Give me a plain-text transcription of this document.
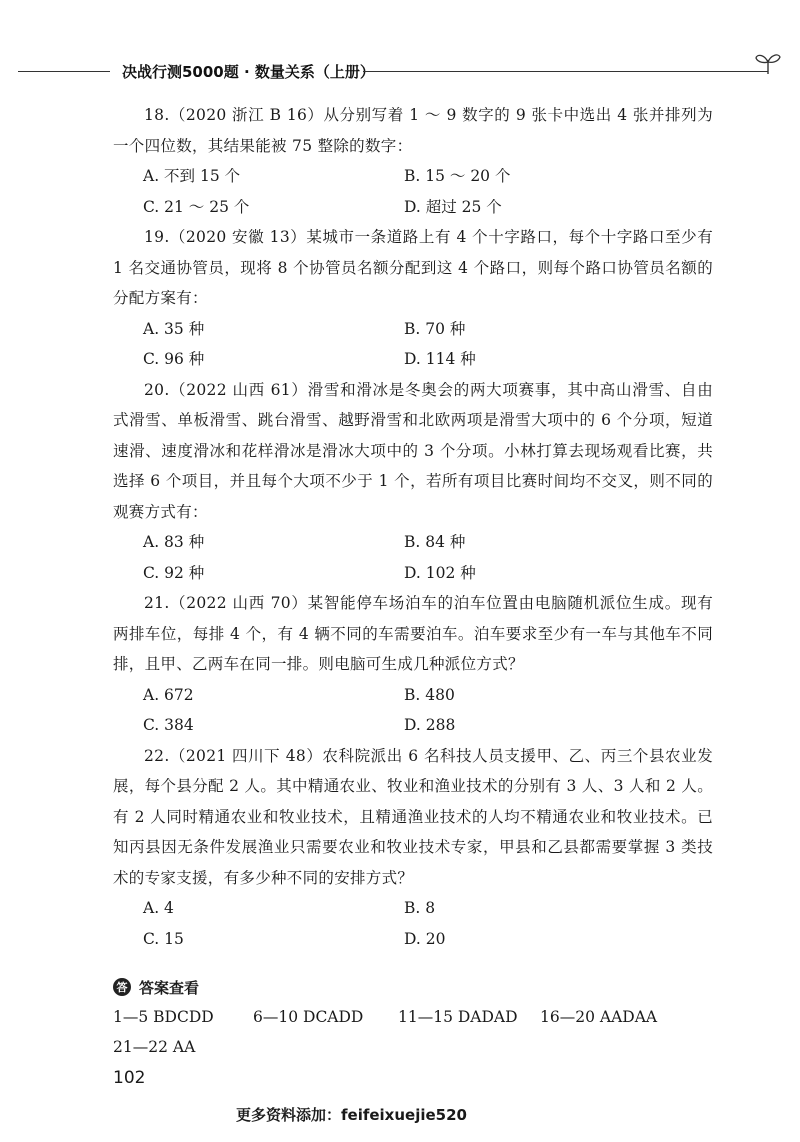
决战行测5000题 · 数量关系（上册）

18.（2020 浙江 B 16）从分别写着 1 ～ 9 数字的 9 张卡中选出 4 张并排列为一个四位数，其结果能被 75 整除的数字：

A. 不到 15 个	B. 15 ～ 20 个
C. 21 ～ 25 个	D. 超过 25 个

19.（2020 安徽 13）某城市一条道路上有 4 个十字路口，每个十字路口至少有 1 名交通协管员，现将 8 个协管员名额分配到这 4 个路口，则每个路口协管员名额的分配方案有：

A. 35 种	B. 70 种
C. 96 种	D. 114 种

20.（2022 山西 61）滑雪和滑冰是冬奥会的两大项赛事，其中高山滑雪、自由式滑雪、单板滑雪、跳台滑雪、越野滑雪和北欧两项是滑雪大项中的 6 个分项，短道速滑、速度滑冰和花样滑冰是滑冰大项中的 3 个分项。小林打算去现场观看比赛，共选择 6 个项目，并且每个大项不少于 1 个，若所有项目比赛时间均不交叉，则不同的观赛方式有：

A. 83 种	B. 84 种
C. 92 种	D. 102 种

21.（2022 山西 70）某智能停车场泊车的泊车位置由电脑随机派位生成。现有两排车位，每排 4 个，有 4 辆不同的车需要泊车。泊车要求至少有一车与其他车不同排，且甲、乙两车在同一排。则电脑可生成几种派位方式？

A. 672	B. 480
C. 384	D. 288

22.（2021 四川下 48）农科院派出 6 名科技人员支援甲、乙、丙三个县农业发展，每个县分配 2 人。其中精通农业、牧业和渔业技术的分别有 3 人、3 人和 2 人。有 2 人同时精通农业和牧业技术，且精通渔业技术的人均不精通农业和牧业技术。已知丙县因无条件发展渔业只需要农业和牧业技术专家，甲县和乙县都需要掌握 3 类技术的专家支援，有多少种不同的安排方式？

A. 4	B. 8
C. 15	D. 20
答 答案查看
1—5 BDCDD	6—10 DCADD 11—15 DADAD 16—20 AADAA
21—22 AA
102
更多资料添加：feifeixuejie520
